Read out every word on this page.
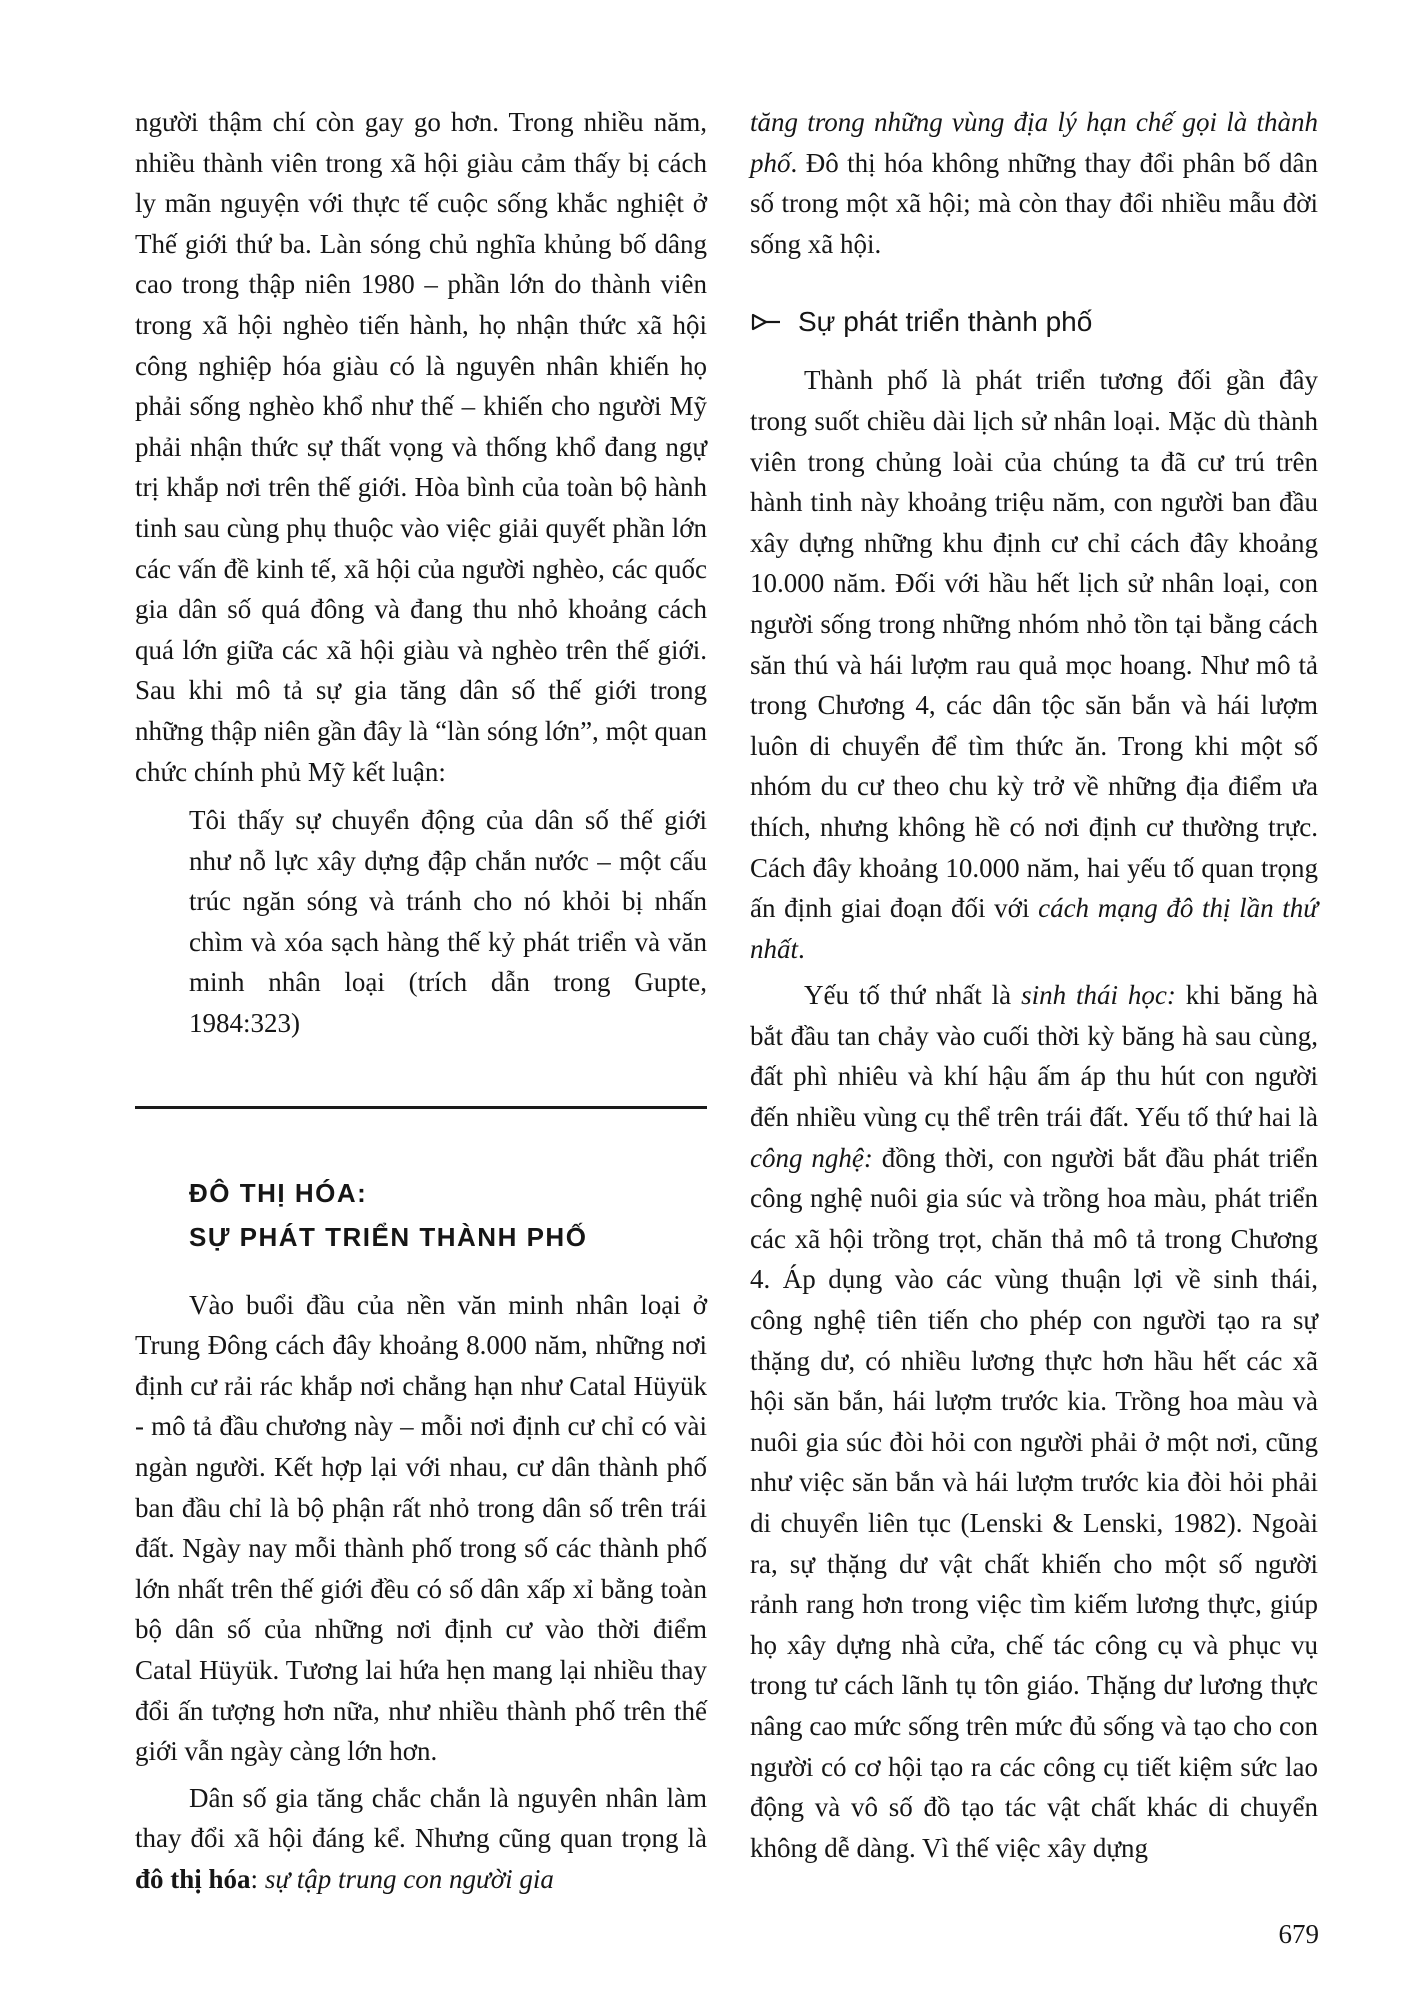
người thậm chí còn gay go hơn. Trong nhiều năm, nhiều thành viên trong xã hội giàu cảm thấy bị cách ly mãn nguyện với thực tế cuộc sống khắc nghiệt ở Thế giới thứ ba. Làn sóng chủ nghĩa khủng bố dâng cao trong thập niên 1980 – phần lớn do thành viên trong xã hội nghèo tiến hành, họ nhận thức xã hội công nghiệp hóa giàu có là nguyên nhân khiến họ phải sống nghèo khổ như thế – khiến cho người Mỹ phải nhận thức sự thất vọng và thống khổ đang ngự trị khắp nơi trên thế giới. Hòa bình của toàn bộ hành tinh sau cùng phụ thuộc vào việc giải quyết phần lớn các vấn đề kinh tế, xã hội của người nghèo, các quốc gia dân số quá đông và đang thu nhỏ khoảng cách quá lớn giữa các xã hội giàu và nghèo trên thế giới. Sau khi mô tả sự gia tăng dân số thế giới trong những thập niên gần đây là “làn sóng lớn”, một quan chức chính phủ Mỹ kết luận:

Tôi thấy sự chuyển động của dân số thế giới như nỗ lực xây dựng đập chắn nước – một cấu trúc ngăn sóng và tránh cho nó khỏi bị nhấn chìm và xóa sạch hàng thế kỷ phát triển và văn minh nhân loại (trích dẫn trong Gupte, 1984:323)

ĐÔ THỊ HÓA:
SỰ PHÁT TRIỂN THÀNH PHỐ

Vào buổi đầu của nền văn minh nhân loại ở Trung Đông cách đây khoảng 8.000 năm, những nơi định cư rải rác khắp nơi chẳng hạn như Catal Hüyük - mô tả đầu chương này – mỗi nơi định cư chỉ có vài ngàn người. Kết hợp lại với nhau, cư dân thành phố ban đầu chỉ là bộ phận rất nhỏ trong dân số trên trái đất. Ngày nay mỗi thành phố trong số các thành phố lớn nhất trên thế giới đều có số dân xấp xỉ bằng toàn bộ dân số của những nơi định cư vào thời điểm Catal Hüyük. Tương lai hứa hẹn mang lại nhiều thay đổi ấn tượng hơn nữa, như nhiều thành phố trên thế giới vẫn ngày càng lớn hơn.

Dân số gia tăng chắc chắn là nguyên nhân làm thay đổi xã hội đáng kể. Nhưng cũng quan trọng là đô thị hóa: sự tập trung con người gia

tăng trong những vùng địa lý hạn chế gọi là thành phố. Đô thị hóa không những thay đổi phân bố dân số trong một xã hội; mà còn thay đổi nhiều mẫu đời sống xã hội.

Sự phát triển thành phố

Thành phố là phát triển tương đối gần đây trong suốt chiều dài lịch sử nhân loại. Mặc dù thành viên trong chủng loài của chúng ta đã cư trú trên hành tinh này khoảng triệu năm, con người ban đầu xây dựng những khu định cư chỉ cách đây khoảng 10.000 năm. Đối với hầu hết lịch sử nhân loại, con người sống trong những nhóm nhỏ tồn tại bằng cách săn thú và hái lượm rau quả mọc hoang. Như mô tả trong Chương 4, các dân tộc săn bắn và hái lượm luôn di chuyển để tìm thức ăn. Trong khi một số nhóm du cư theo chu kỳ trở về những địa điểm ưa thích, nhưng không hề có nơi định cư thường trực. Cách đây khoảng 10.000 năm, hai yếu tố quan trọng ấn định giai đoạn đối với cách mạng đô thị lần thứ nhất.

Yếu tố thứ nhất là sinh thái học: khi băng hà bắt đầu tan chảy vào cuối thời kỳ băng hà sau cùng, đất phì nhiêu và khí hậu ấm áp thu hút con người đến nhiều vùng cụ thể trên trái đất. Yếu tố thứ hai là công nghệ: đồng thời, con người bắt đầu phát triển công nghệ nuôi gia súc và trồng hoa màu, phát triển các xã hội trồng trọt, chăn thả mô tả trong Chương 4. Áp dụng vào các vùng thuận lợi về sinh thái, công nghệ tiên tiến cho phép con người tạo ra sự thặng dư, có nhiều lương thực hơn hầu hết các xã hội săn bắn, hái lượm trước kia. Trồng hoa màu và nuôi gia súc đòi hỏi con người phải ở một nơi, cũng như việc săn bắn và hái lượm trước kia đòi hỏi phải di chuyển liên tục (Lenski & Lenski, 1982). Ngoài ra, sự thặng dư vật chất khiến cho một số người rảnh rang hơn trong việc tìm kiếm lương thực, giúp họ xây dựng nhà cửa, chế tác công cụ và phục vụ trong tư cách lãnh tụ tôn giáo. Thặng dư lương thực nâng cao mức sống trên mức đủ sống và tạo cho con người có cơ hội tạo ra các công cụ tiết kiệm sức lao động và vô số đồ tạo tác vật chất khác di chuyển không dễ dàng. Vì thế việc xây dựng

679
